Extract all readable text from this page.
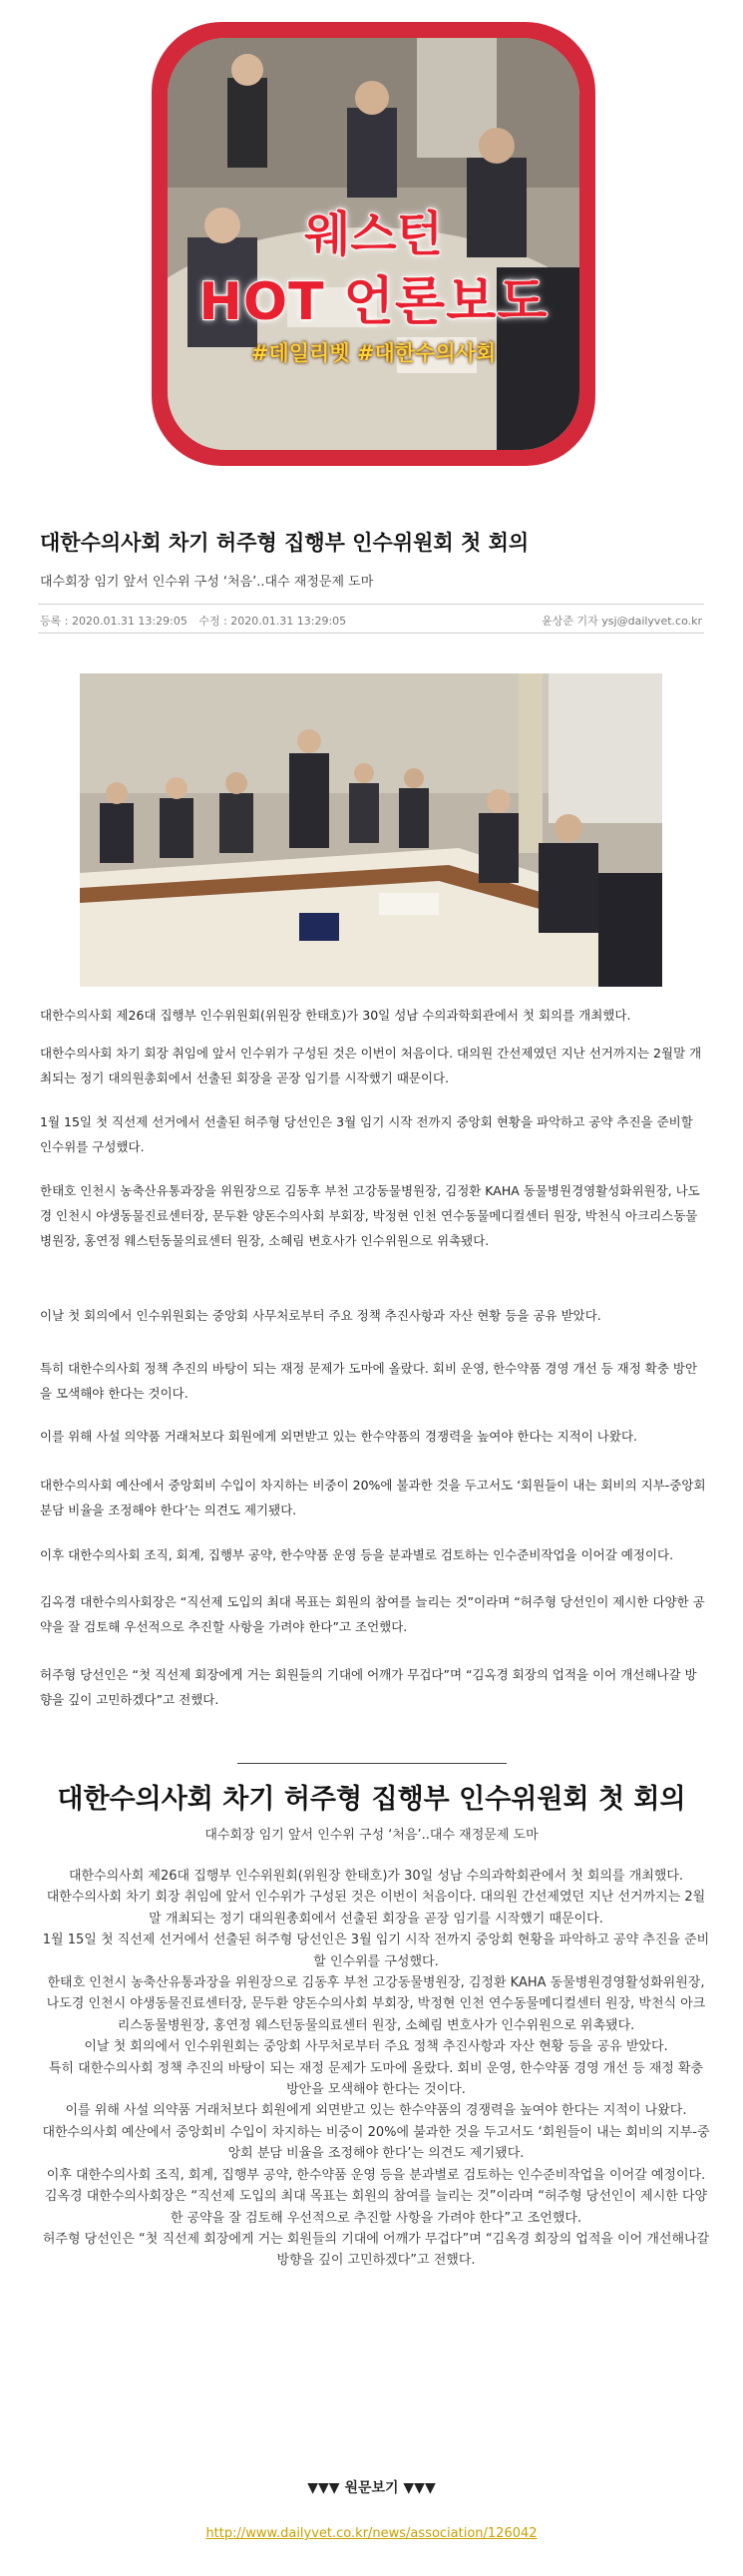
웨스턴
HOT 언론보도
#데일리벳 #대한수의사회
대한수의사회 차기 허주형 집행부 인수위원회 첫 회의
대수회장 임기 앞서 인수위 구성 ‘처음’..대수 재정문제 도마
등록 : 2020.01.31 13:29:05 수정 : 2020.01.31 13:29:05	윤상준 기자 ysj@dailyvet.co.kr
대한수의사회 제26대 집행부 인수위원회(위원장 한태호)가 30일 성남 수의과학회관에서 첫 회의를 개최했다.
대한수의사회 차기 회장 취임에 앞서 인수위가 구성된 것은 이번이 처음이다. 대의원 간선제였던 지난 선거까지는 2월말 개최되는 정기 대의원총회에서 선출된 회장을 곧장 임기를 시작했기 때문이다.
1월 15일 첫 직선제 선거에서 선출된 허주형 당선인은 3월 임기 시작 전까지 중앙회 현황을 파악하고 공약 추진을 준비할 인수위를 구성했다.
한태호 인천시 농축산유통과장을 위원장으로 김동후 부천 고강동물병원장, 김정환 KAHA 동물병원경영활성화위원장, 나도경 인천시 야생동물진료센터장, 문두환 양돈수의사회 부회장, 박정현 인천 연수동물메디컬센터 원장, 박천식 아크리스동물병원장, 홍연정 웨스턴동물의료센터 원장, 소혜림 변호사가 인수위원으로 위촉됐다.
이날 첫 회의에서 인수위원회는 중앙회 사무처로부터 주요 정책 추진사항과 자산 현황 등을 공유 받았다.
특히 대한수의사회 정책 추진의 바탕이 되는 재정 문제가 도마에 올랐다. 회비 운영, 한수약품 경영 개선 등 재정 확충 방안을 모색해야 한다는 것이다.
이를 위해 사설 의약품 거래처보다 회원에게 외면받고 있는 한수약품의 경쟁력을 높여야 한다는 지적이 나왔다.
대한수의사회 예산에서 중앙회비 수입이 차지하는 비중이 20%에 불과한 것을 두고서도 ‘회원들이 내는 회비의 지부-중앙회 분담 비율을 조정해야 한다’는 의견도 제기됐다.
이후 대한수의사회 조직, 회계, 집행부 공약, 한수약품 운영 등을 분과별로 검토하는 인수준비작업을 이어갈 예정이다.
김옥경 대한수의사회장은 “직선제 도입의 최대 목표는 회원의 참여를 늘리는 것”이라며 “허주형 당선인이 제시한 다양한 공약을 잘 검토해 우선적으로 추진할 사항을 가려야 한다”고 조언했다.
허주형 당선인은 “첫 직선제 회장에게 거는 회원들의 기대에 어깨가 무겁다”며 “김옥경 회장의 업적을 이어 개선해나갈 방향을 깊이 고민하겠다”고 전했다.
대한수의사회 차기 허주형 집행부 인수위원회 첫 회의
대수회장 임기 앞서 인수위 구성 ‘처음’..대수 재정문제 도마

대한수의사회 제26대 집행부 인수위원회(위원장 한태호)가 30일 성남 수의과학회관에서 첫 회의를 개최했다.

대한수의사회 차기 회장 취임에 앞서 인수위가 구성된 것은 이번이 처음이다. 대의원 간선제였던 지난 선거까지는 2월말 개최되는 정기 대의원총회에서 선출된 회장을 곧장 임기를 시작했기 때문이다.

1월 15일 첫 직선제 선거에서 선출된 허주형 당선인은 3월 임기 시작 전까지 중앙회 현황을 파악하고 공약 추진을 준비할 인수위를 구성했다.

한태호 인천시 농축산유통과장을 위원장으로 김동후 부천 고강동물병원장, 김정환 KAHA 동물병원경영활성화위원장, 나도경 인천시 야생동물진료센터장, 문두환 양돈수의사회 부회장, 박정현 인천 연수동물메디컬센터 원장, 박천식 아크리스동물병원장, 홍연정 웨스턴동물의료센터 원장, 소혜림 변호사가 인수위원으로 위촉됐다.

이날 첫 회의에서 인수위원회는 중앙회 사무처로부터 주요 정책 추진사항과 자산 현황 등을 공유 받았다.

특히 대한수의사회 정책 추진의 바탕이 되는 재정 문제가 도마에 올랐다. 회비 운영, 한수약품 경영 개선 등 재정 확충 방안을 모색해야 한다는 것이다.

이를 위해 사설 의약품 거래처보다 회원에게 외면받고 있는 한수약품의 경쟁력을 높여야 한다는 지적이 나왔다.

대한수의사회 예산에서 중앙회비 수입이 차지하는 비중이 20%에 불과한 것을 두고서도 ‘회원들이 내는 회비의 지부-중앙회 분담 비율을 조정해야 한다’는 의견도 제기됐다.

이후 대한수의사회 조직, 회계, 집행부 공약, 한수약품 운영 등을 분과별로 검토하는 인수준비작업을 이어갈 예정이다.

김옥경 대한수의사회장은 “직선제 도입의 최대 목표는 회원의 참여를 늘리는 것”이라며 “허주형 당선인이 제시한 다양한 공약을 잘 검토해 우선적으로 추진할 사항을 가려야 한다”고 조언했다.

허주형 당선인은 “첫 직선제 회장에게 거는 회원들의 기대에 어깨가 무겁다”며 “김옥경 회장의 업적을 이어 개선해나갈 방향을 깊이 고민하겠다”고 전했다.

▼▼▼ 원문보기 ▼▼▼
http://www.dailyvet.co.kr/news/association/126042
